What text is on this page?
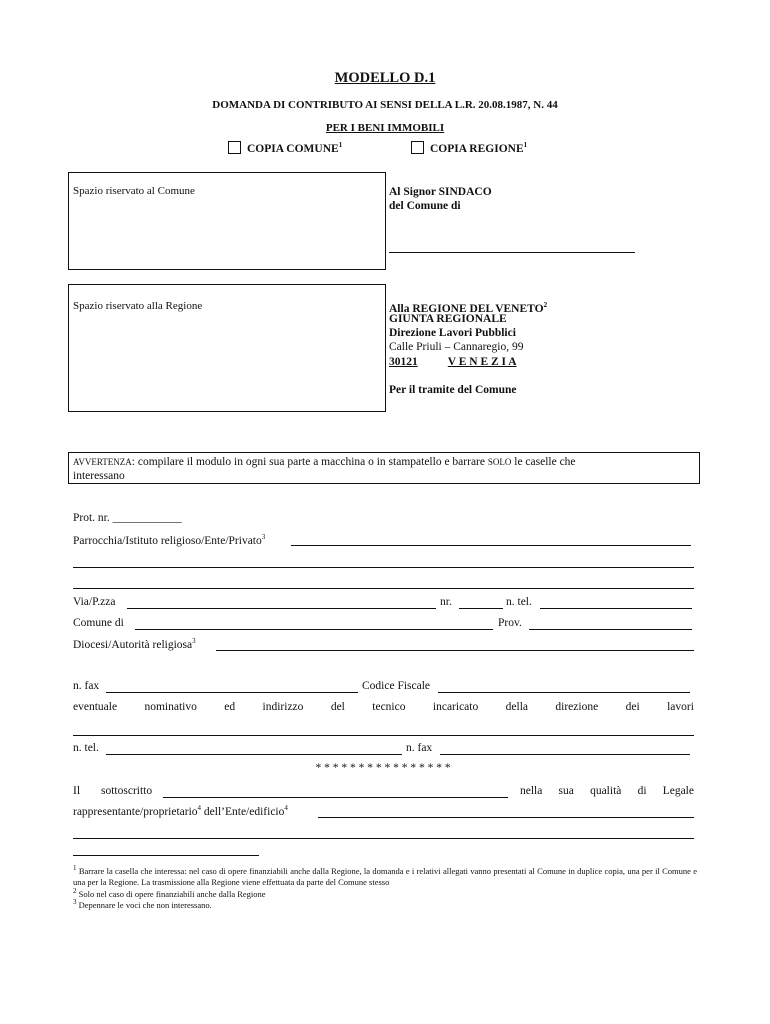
MODELLO D.1
DOMANDA DI CONTRIBUTO AI SENSI DELLA L.R. 20.08.1987, N. 44
PER I BENI IMMOBILI
COPIA COMUNE$^1$	COPIA REGIONE$^1$
Spazio riservato al Comune	Al Signor SINDACO
del Comune di
Spazio riservato alla Regione	Alla REGIONE DEL VENETO$^2$
GIUNTA REGIONALE
Direzione Lavori Pubblici
Calle Priuli – Cannaregio, 99
30121	V E N E Z I A
Per il tramite del Comune
AVVERTENZA: compilare il modulo in ogni sua parte a macchina o in stampatello e barrare SOLO le caselle che
interessano
Prot. nr. ____________
Parrocchia/Istituto religioso/Ente/Privato$^3$
Via/P.zza	nr.	n. tel.
Comune di	Prov.
Diocesi/Autorità religiosa$^3$
n. fax	Codice Fiscale
eventuale nominativo ed indirizzo del tecnico incaricato della direzione dei lavori
n. tel.	n. fax
* * * * * * * * * * * * * * * *
Il sottoscritto	nella sua qualità di Legale
rappresentante/proprietario$^4$ dell’Ente/edificio$^4$
$^1$ Barrare la casella che interessa: nel caso di opere finanziabili anche dalla Regione, la domanda e i relativi allegati vanno presentati al Comune in duplice copia, una per il Comune e una per la Regione. La trasmissione alla Regione viene effettuata da parte del Comune stesso
$^2$ Solo nel caso di opere finanziabili anche dalla Regione
$^3$ Depennare le voci che non interessano.
